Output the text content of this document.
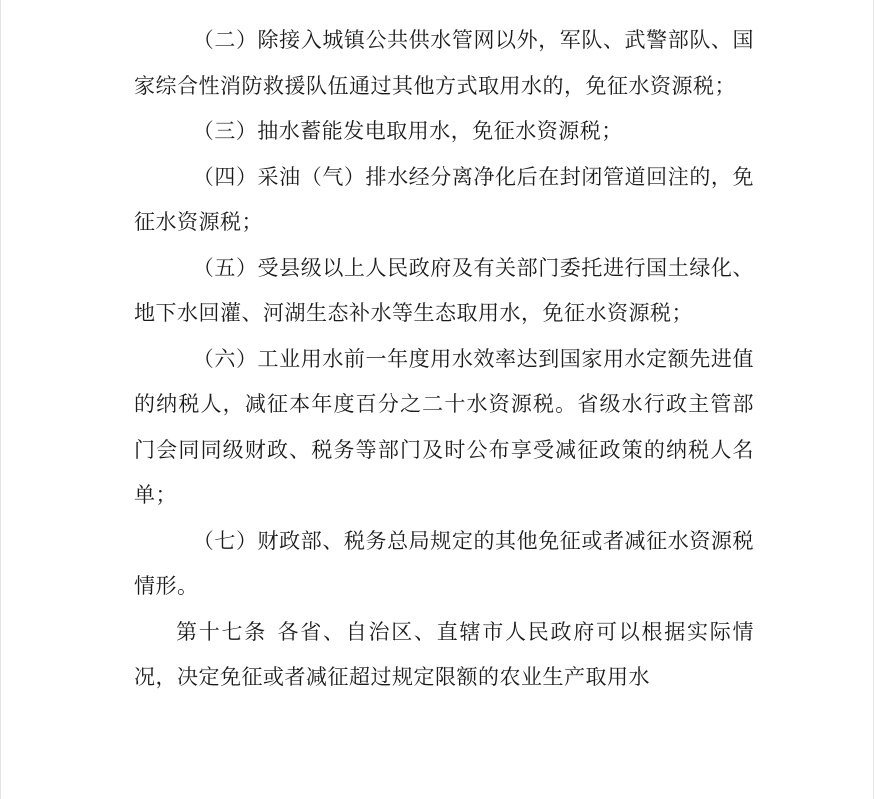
（二）除接入城镇公共供水管网以外，军队、武警部队、国家综合性消防救援队伍通过其他方式取用水的，免征水资源税；

（三）抽水蓄能发电取用水，免征水资源税；

（四）采油（气）排水经分离净化后在封闭管道回注的，免征水资源税；

（五）受县级以上人民政府及有关部门委托进行国土绿化、地下水回灌、河湖生态补水等生态取用水，免征水资源税；

（六）工业用水前一年度用水效率达到国家用水定额先进值的纳税人，减征本年度百分之二十水资源税。省级水行政主管部门会同同级财政、税务等部门及时公布享受减征政策的纳税人名单；

（七）财政部、税务总局规定的其他免征或者减征水资源税情形。

第十七条 各省、自治区、直辖市人民政府可以根据实际情况，决定免征或者减征超过规定限额的农业生产取用水
